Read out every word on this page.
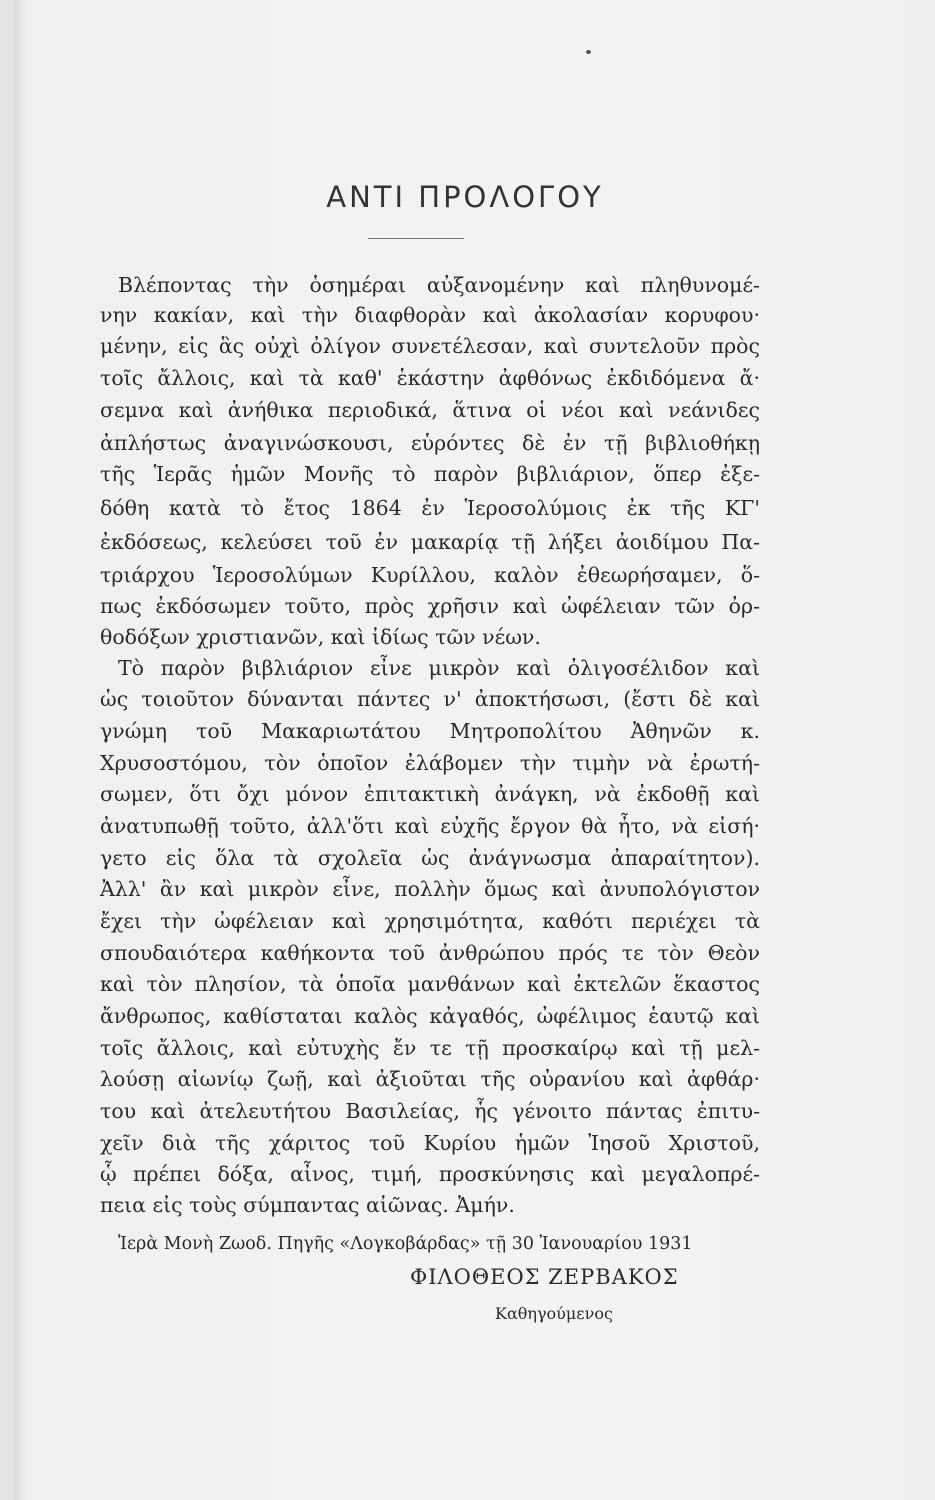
ΑΝΤΙ ΠΡΟΛΟΓΟΥ
Βλέποντας τὴν ὁσημέραι αὐξανομένην καὶ πληθυνομέ-
νην κακίαν, καὶ τὴν διαφθορὰν καὶ ἀκολασίαν κορυφου·
μένην, εἰς ἃς οὐχὶ ὀλίγον συνετέλεσαν, καὶ συντελοῦν πρὸς
τοῖς ἄλλοις, καὶ τὰ καθ' ἑκάστην ἀφθόνως ἐκδιδόμενα ἄ·
σεμνα καὶ ἀνήθικα περιοδικά, ἅτινα οἱ νέοι καὶ νεάνιδες
ἀπλήστως ἀναγινώσκουσι, εὑρόντες δὲ ἐν τῇ βιβλιοθήκῃ
τῆς Ἱερᾶς ἡμῶν Μονῆς τὸ παρὸν βιβλιάριον, ὅπερ ἐξε-
δόθη κατὰ τὸ ἔτος 1864 ἐν Ἱεροσολύμοις ἐκ τῆς ΚΓ'
ἐκδόσεως, κελεύσει τοῦ ἐν μακαρίᾳ τῇ λήξει ἀοιδίμου Πα-
τριάρχου Ἱεροσολύμων Κυρίλλου, καλὸν ἐθεωρήσαμεν, ὅ-
πως ἐκδόσωμεν τοῦτο, πρὸς χρῆσιν καὶ ὠφέλειαν τῶν ὀρ-
θοδόξων χριστιανῶν, καὶ ἰδίως τῶν νέων.
Τὸ παρὸν βιβλιάριον εἶνε μικρὸν καὶ ὀλιγοσέλιδον καὶ
ὡς τοιοῦτον δύνανται πάντες ν' ἀποκτήσωσι, (ἔστι δὲ καὶ
γνώμη τοῦ Μακαριωτάτου Μητροπολίτου Ἀθηνῶν κ.
Χρυσοστόμου, τὸν ὁποῖον ἐλάβομεν τὴν τιμὴν νὰ ἐρωτή-
σωμεν, ὅτι ὄχι μόνον ἐπιτακτικὴ ἀνάγκη, νὰ ἐκδοθῇ καὶ
ἀνατυπωθῇ τοῦτο, ἀλλ'ὅτι καὶ εὐχῆς ἔργον θὰ ἦτο, νὰ εἰσή·
γετο εἰς ὅλα τὰ σχολεῖα ὡς ἀνάγνωσμα ἀπαραίτητον).
Ἀλλ' ἂν καὶ μικρὸν εἶνε, πολλὴν ὅμως καὶ ἀνυπολόγιστον
ἔχει τὴν ὠφέλειαν καὶ χρησιμότητα, καθότι περιέχει τὰ
σπουδαιότερα καθήκοντα τοῦ ἀνθρώπου πρός τε τὸν Θεὸν
καὶ τὸν πλησίον, τὰ ὁποῖα μανθάνων καὶ ἐκτελῶν ἕκαστος
ἄνθρωπος, καθίσταται καλὸς κἀγαθός, ὠφέλιμος ἑαυτῷ καὶ
τοῖς ἄλλοις, καὶ εὐτυχὴς ἔν τε τῇ προσκαίρῳ καὶ τῇ μελ-
λούσῃ αἰωνίῳ ζωῇ, καὶ ἀξιοῦται τῆς οὐρανίου καὶ ἀφθάρ·
του καὶ ἀτελευτήτου Βασιλείας, ἧς γένοιτο πάντας ἐπιτυ-
χεῖν διὰ τῆς χάριτος τοῦ Κυρίου ἡμῶν Ἰησοῦ Χριστοῦ,
ᾧ πρέπει δόξα, αἶνος, τιμή, προσκύνησις καὶ μεγαλοπρέ-
πεια εἰς τοὺς σύμπαντας αἰῶνας. Ἀμήν.
Ἱερὰ Μονὴ Ζωοδ. Πηγῆς «Λογκοβάρδας» τῇ 30 Ἰανουαρίου 1931
ΦΙΛΟΘΕΟΣ ΖΕΡΒΑΚΟΣ
Καθηγούμενος
